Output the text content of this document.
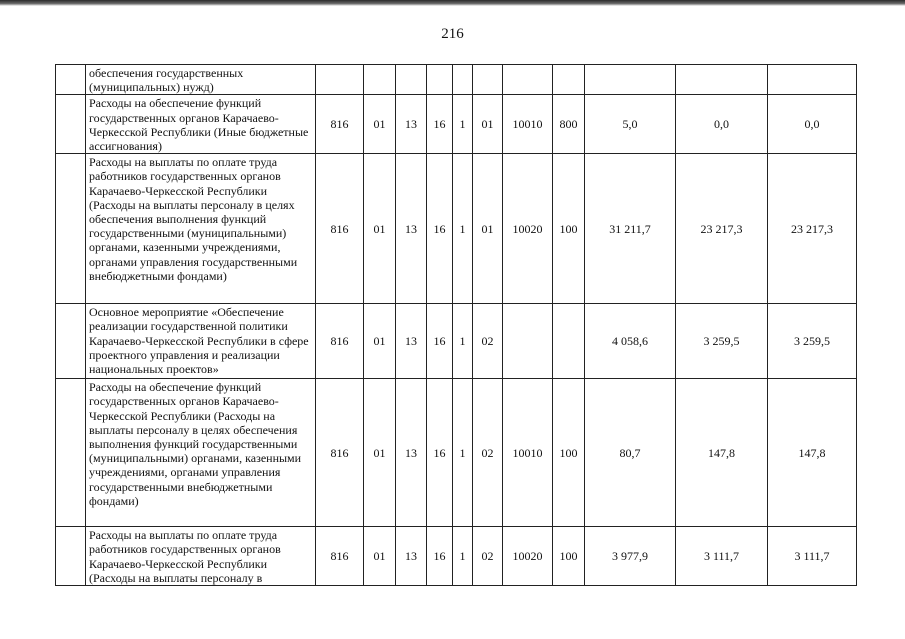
216
	обеспечения государственных (муниципальных) нужд)											
	Расходы на обеспечение функций государственных органов Карачаево-Черкесской Республики (Иные бюджетные ассигнования)	816	01	13	16	1	01	10010	800	5,0	0,0	0,0
	Расходы на выплаты по оплате труда работников государственных органов Карачаево-Черкесской Республики (Расходы на выплаты персоналу в целях обеспечения выполнения функций государственными (муниципальными) органами, казенными учреждениями, органами управления государственными внебюджетными фондами)	816	01	13	16	1	01	10020	100	31 211,7	23 217,3	23 217,3
	Основное мероприятие «Обеспечение реализации государственной политики Карачаево-Черкесской Республики в сфере проектного управления и реализации национальных проектов»	816	01	13	16	1	02			4 058,6	3 259,5	3 259,5
	Расходы на обеспечение функций государственных органов Карачаево-Черкесской Республики (Расходы на выплаты персоналу в целях обеспечения выполнения функций государственными (муниципальными) органами, казенными учреждениями, органами управления государственными внебюджетными фондами)	816	01	13	16	1	02	10010	100	80,7	147,8	147,8
	Расходы на выплаты по оплате труда работников государственных органов Карачаево-Черкесской Республики (Расходы на выплаты персоналу в	816	01	13	16	1	02	10020	100	3 977,9	3 111,7	3 111,7
